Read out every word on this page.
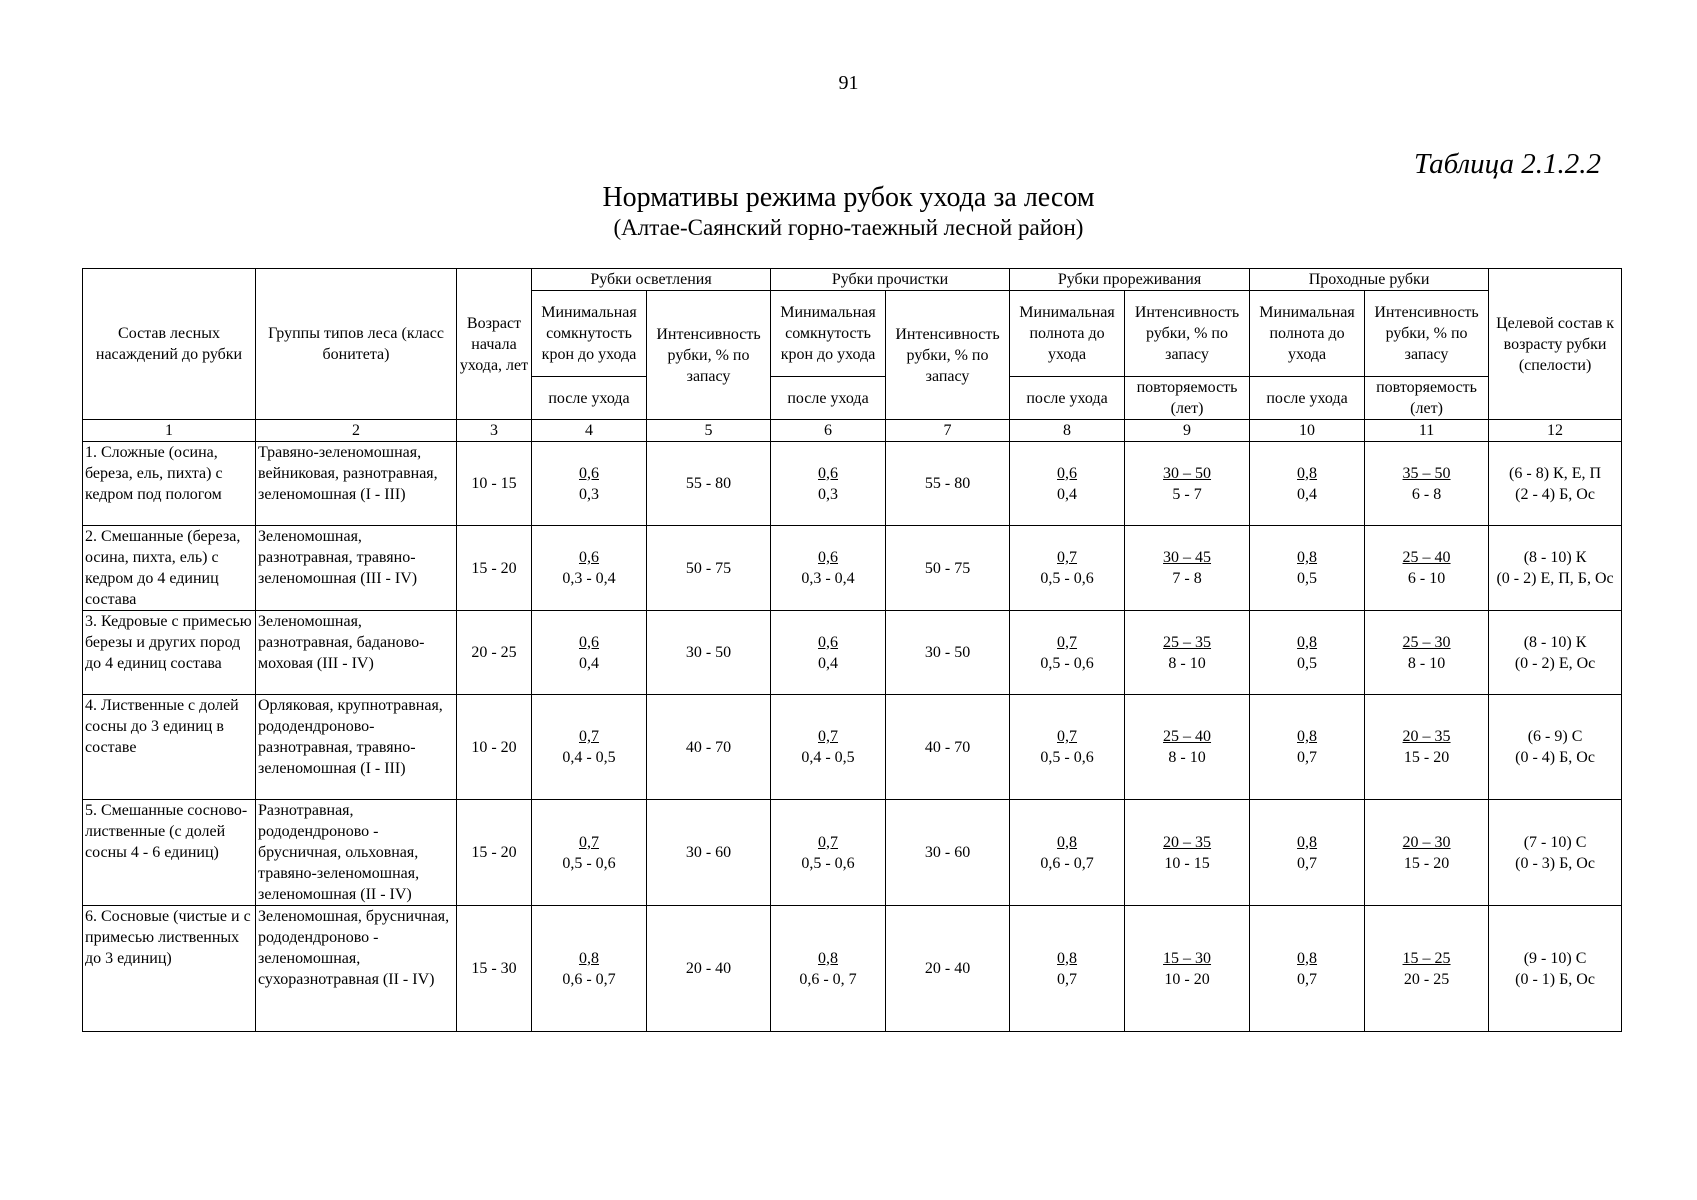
91
Таблица 2.1.2.2
Нормативы режима рубок ухода за лесом
(Алтае-Саянский горно-таежный лесной район)
Состав лесных насаждений до рубки	Группы типов леса (класс бонитета)	Возраст начала ухода, лет	Рубки осветления		Рубки прочистки		Рубки прореживания		Проходные рубки		Целевой состав к возрасту рубки (спелости)
			Минимальная сомкнутость крон до ухода	Интенсивность рубки, % по запасу	Минимальная сомкнутость крон до ухода	Интенсивность рубки, % по запасу	Минимальная полнота до ухода	Интенсивность рубки, % по запасу	Минимальная полнота до ухода	Интенсивность рубки, % по запасу	
			после ухода		после ухода		после ухода	повторяемость (лет)	после ухода	повторяемость (лет)	
1	2	3	4	5	6	7	8	9	10	11	12
1. Сложные (осина, береза, ель, пихта) с кедром под пологом	Травяно-зеленомошная, вейниковая, разнотравная, зеленомошная (I - III)	10 - 15	$\frac{0,6}{0,3}$	55 - 80	$\frac{0,6}{0,3}$	55 - 80	$\frac{0,6}{0,4}$	$\frac{30 - 50}{5 - 7}$	$\frac{0,8}{0,4}$	$\frac{35 - 50}{6 - 8}$	(6 - 8) К, Е, П
(2 - 4) Б, Ос

2. Смешанные (береза, осина, пихта, ель) с кедром до 4 единиц состава	Зеленомошная, разнотравная, травяно-зеленомошная (III - IV)	15 - 20	$\frac{0,6}{0,3 - 0,4}$	50 - 75	$\frac{0,6}{0,3 - 0,4}$	50 - 75	$\frac{0,7}{0,5 - 0,6}$	$\frac{30 - 45}{7 - 8}$	$\frac{0,8}{0,5}$	$\frac{25 - 40}{6 - 10}$	(8 - 10) К
(0 - 2) Е, П, Б, Ос

3. Кедровые с примесью березы и других пород до 4 единиц состава	Зеленомошная, разнотравная, баданово-моховая (III - IV)	20 - 25	$\frac{0,6}{0,4}$	30 - 50	$\frac{0,6}{0,4}$	30 - 50	$\frac{0,7}{0,5 - 0,6}$	$\frac{25 - 35}{8 - 10}$	$\frac{0,8}{0,5}$	$\frac{25 - 30}{8 - 10}$	(8 - 10) К
(0 - 2) Е, Ос

4. Лиственные с долей сосны до 3 единиц в составе	Орляковая, крупнотравная, рододендроново-разнотравная, травяно-зеленомошная (I - III)	10 - 20	$\frac{0,7}{0,4 - 0,5}$	40 - 70	$\frac{0,7}{0,4 - 0,5}$	40 - 70	$\frac{0,7}{0,5 - 0,6}$	$\frac{25 - 40}{8 - 10}$	$\frac{0,8}{0,7}$	$\frac{20 - 35}{15 - 20}$	(6 - 9) С
(0 - 4) Б, Ос

5. Смешанные сосново-лиственные (с долей сосны 4 - 6 единиц)	Разнотравная, рододендроново - брусничная, ольховная, травяно-зеленомошная, зеленомошная (II - IV)	15 - 20	$\frac{0,7}{0,5 - 0,6}$	30 - 60	$\frac{0,7}{0,5 - 0,6}$	30 - 60	$\frac{0,8}{0,6 - 0,7}$	$\frac{20 - 35}{10 - 15}$	$\frac{0,8}{0,7}$	$\frac{20 - 30}{15 - 20}$	(7 - 10) С
(0 - 3) Б, Ос

6. Сосновые (чистые и с примесью лиственных до 3 единиц)	Зеленомошная, брусничная, рододендроново - зеленомошная, сухоразнотравная (II - IV)	15 - 30	$\frac{0,8}{0,6 - 0,7}$	20 - 40	$\frac{0,8}{0,6 - 0, 7}$	20 - 40	$\frac{0,8}{0,7}$	$\frac{15 - 30}{10 - 20}$	$\frac{0,8}{0,7}$	$\frac{15 - 25}{20 - 25}$	(9 - 10) С
(0 - 1) Б, Ос
